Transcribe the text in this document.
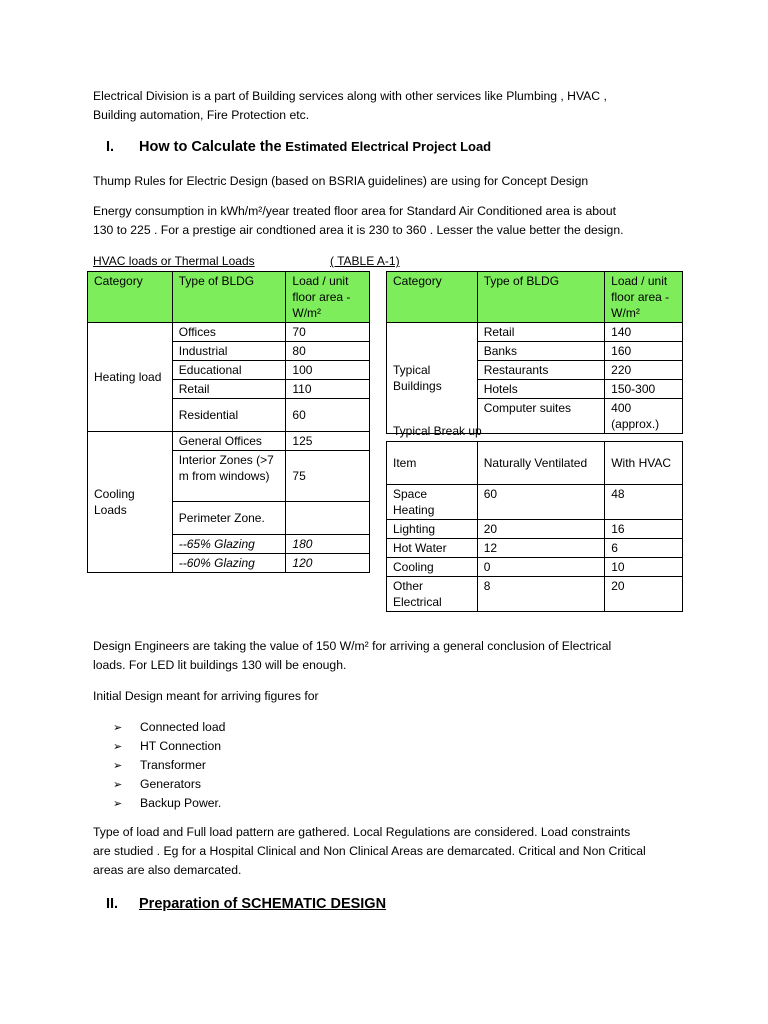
Electrical Division is a part of Building services along with other services like Plumbing , HVAC ,

Building automation, Fire Protection etc.

I. How to Calculate the Estimated Electrical Project Load

Thump Rules for Electric Design (based on BSRIA guidelines) are using for Concept Design

Energy consumption in kWh/m²/year treated floor area for Standard Air Conditioned area is about

130 to 225 . For a prestige air condtioned area it is 230 to 360 . Lesser the value better the design.

HVAC loads or Thermal Loads	( TABLE A-1)
Category	Type of BLDG	Load / unit floor area - W/m²
Heating load	Offices	70
	Industrial	80
	Educational	100
	Retail	110
	Residential	60
Cooling Loads	General Offices	125
	Interior Zones (>7 m from windows)	75
	Perimeter Zone.	
	--65% Glazing	180
	--60% Glazing	120
Category	Type of BLDG	Load / unit floor area - W/m²
Typical Buildings	Retail	140
	Banks	160
	Restaurants	220
	Hotels	150-300
	Computer suites	400 (approx.)
Typical Break up
Item	Naturally Ventilated	With HVAC
Space Heating	60	48
Lighting	20	16
Hot Water	12	6
Cooling	0	10
Other Electrical	8	20

Design Engineers are taking the value of 150 W/m² for arriving a general conclusion of Electrical

loads. For LED lit buildings 130 will be enough.

Initial Design meant for arriving figures for

➢ Connected load
➢ HT Connection
➢ Transformer
➢ Generators
➢ Backup Power.

Type of load and Full load pattern are gathered. Local Regulations are considered. Load constraints

are studied . Eg for a Hospital Clinical and Non Clinical Areas are demarcated. Critical and Non Critical

areas are also demarcated.

II. Preparation of SCHEMATIC DESIGN
